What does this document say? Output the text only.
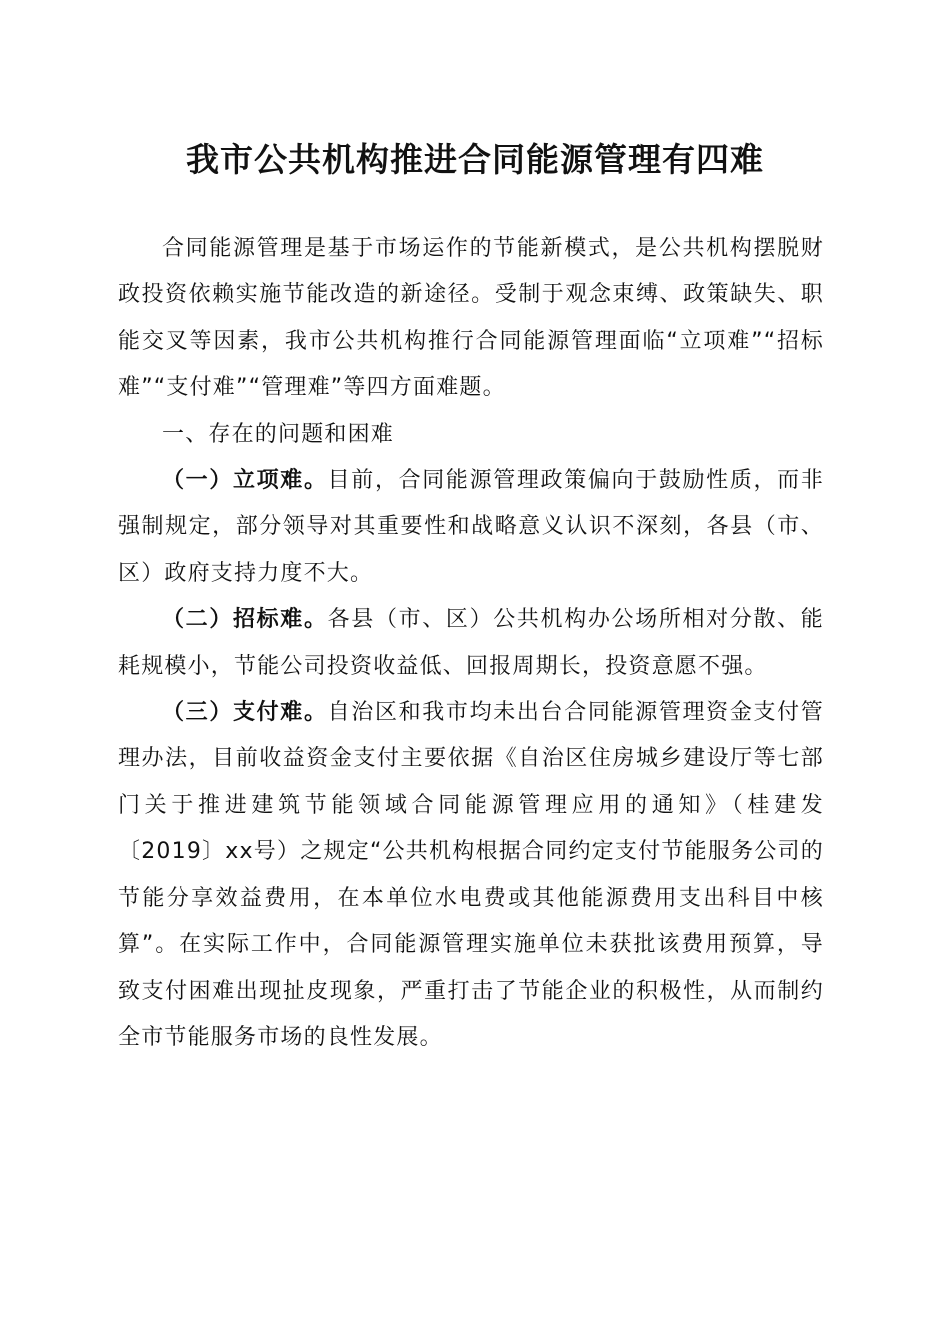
我市公共机构推进合同能源管理有四难

合同能源管理是基于市场运作的节能新模式，是公共机构摆脱财政投资依赖实施节能改造的新途径。受制于观念束缚、政策缺失、职能交叉等因素，我市公共机构推行合同能源管理面临“立项难”“招标难”“支付难”“管理难”等四方面难题。

一、存在的问题和困难

（一）立项难。目前，合同能源管理政策偏向于鼓励性质，而非强制规定，部分领导对其重要性和战略意义认识不深刻，各县（市、区）政府支持力度不大。

（二）招标难。各县（市、区）公共机构办公场所相对分散、能耗规模小，节能公司投资收益低、回报周期长，投资意愿不强。

（三）支付难。自治区和我市均未出台合同能源管理资金支付管理办法，目前收益资金支付主要依据《自治区住房城乡建设厅等七部门关于推进建筑节能领域合同能源管理应用的通知》（桂建发〔2019〕xx号）之规定“公共机构根据合同约定支付节能服务公司的节能分享效益费用，在本单位水电费或其他能源费用支出科目中核算”。在实际工作中，合同能源管理实施单位未获批该费用预算，导致支付困难出现扯皮现象，严重打击了节能企业的积极性，从而制约全市节能服务市场的良性发展。
